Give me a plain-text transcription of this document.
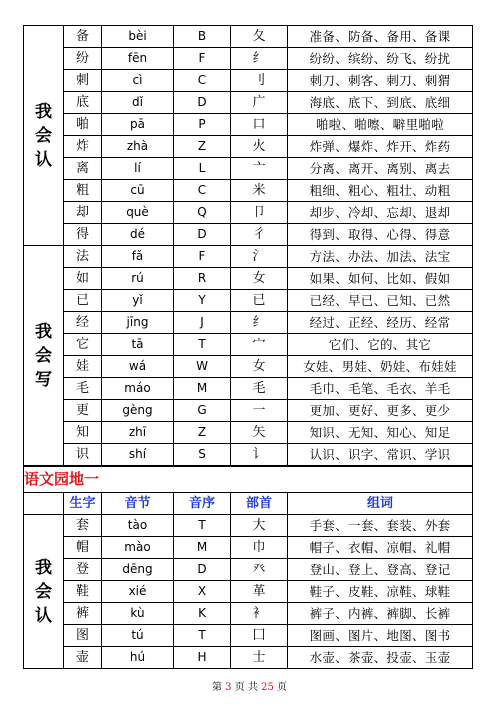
我
会
认	备	bèi	B	夂	准备、防备、备用、备课
	纷	fēn	F	纟	纷纷、缤纷、纷飞、纷扰
	刺	cì	C	刂	刺刀、刺客、刺刀、刺猬
	底	dǐ	D	广	海底、底下、到底、底细
	啪	pā	P	口	啪啦、啪嚓、噼里啪啦
	炸	zhà	Z	火	炸弹、爆炸、炸开、炸药
	离	lí	L	亠	分离、离开、离别、离去
	粗	cū	C	米	粗细、粗心、粗壮、动粗
	却	què	Q	卩	却步、冷却、忘却、退却
	得	dé	D	彳	得到、取得、心得、得意

我
会
写	法	fǎ	F	氵	方法、办法、加法、法宝
	如	rú	R	女	如果、如何、比如、假如
	已	yǐ	Y	已	已经、早已、已知、已然
	经	jīng	J	纟	经过、正经、经历、经常
	它	tā	T	宀	它们、它的、其它
	娃	wá	W	女	女娃、男娃、奶娃、布娃娃
	毛	máo	M	毛	毛巾、毛笔、毛衣、羊毛
	更	gèng	G	一	更加、更好、更多、更少
	知	zhī	Z	矢	知识、无知、知心、知足
	识	shí	S	讠	认识、识字、常识、学识
语文园地一

	生字	音节	音序	部首	组词

我
会
认	套	tào	T	大	手套、一套、套装、外套
	帽	mào	M	巾	帽子、衣帽、凉帽、礼帽
	登	dēng	D	癶	登山、登上、登高、登记
	鞋	xié	X	革	鞋子、皮鞋、凉鞋、球鞋
	裤	kù	K	衤	裤子、内裤、裤脚、长裤
	图	tú	T	囗	图画、图片、地图、图书
	壶	hú	H	士	水壶、茶壶、投壶、玉壶
第 3 页 共 25 页
